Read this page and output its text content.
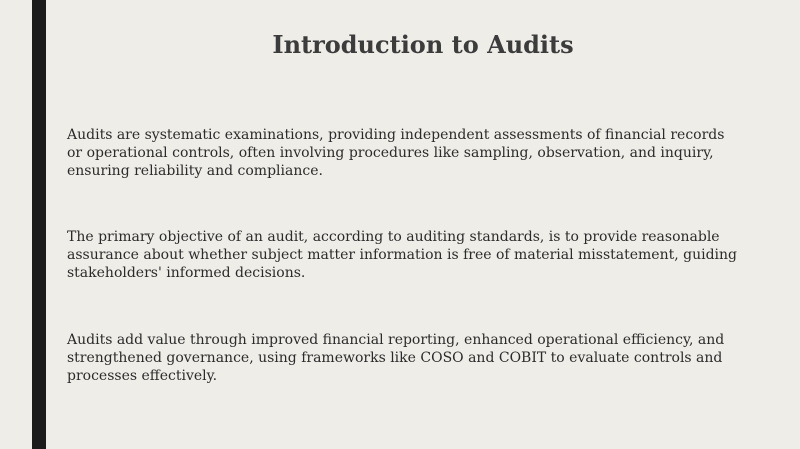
Introduction to Audits

Audits are systematic examinations, providing independent assessments of financial records
or operational controls, often involving procedures like sampling, observation, and inquiry,
ensuring reliability and compliance.

The primary objective of an audit, according to auditing standards, is to provide reasonable
assurance about whether subject matter information is free of material misstatement, guiding
stakeholders' informed decisions.

Audits add value through improved financial reporting, enhanced operational efficiency, and
strengthened governance, using frameworks like COSO and COBIT to evaluate controls and
processes effectively.
